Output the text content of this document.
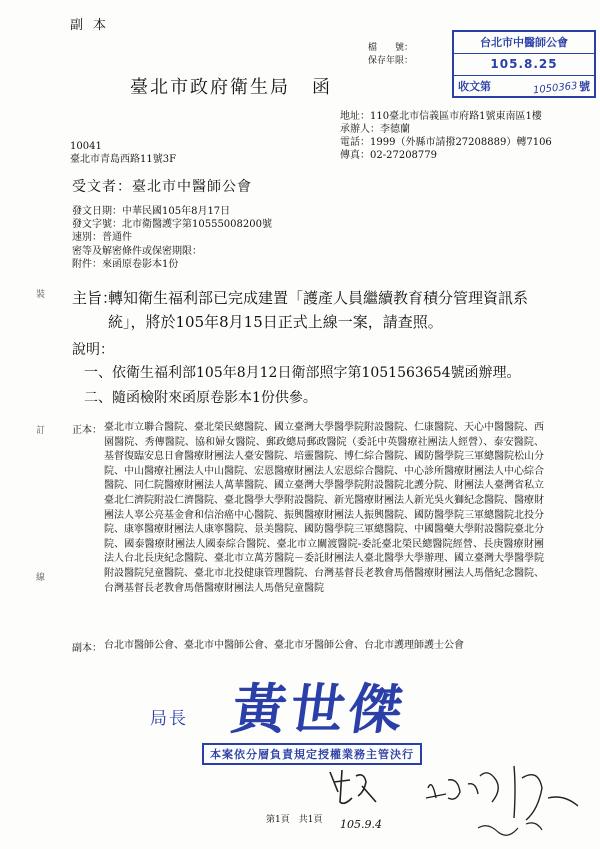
副本
檔　　號：
保存年限：
台北市中醫師公會
105.8.25
收文第	號
1050363
臺北市政府衛生局 函
地址：110臺北市信義區市府路1號東南區1樓
承辦人：李德蘭
電話：1999（外縣市請撥27208889）轉7106
傳真：02-27208779
10041
臺北市青島西路11號3F
受文者：臺北市中醫師公會
發文日期：中華民國105年8月17日
發文字號：北市衛醫護字第10555008200號
速別：普通件
密等及解密條件或保密期限：
附件：來函原卷影本1份
主旨：
轉知衛生福利部已完成建置「護產人員繼續教育積分管理資訊系統」，將於105年8月15日正式上線一案，請查照。
說明：
一、依衛生福利部105年8月12日衛部照字第1051563654號函辦理。
二、隨函檢附來函原卷影本1份供參。
正本： 臺北市立聯合醫院、臺北榮民總醫院、國立臺灣大學醫學院附設醫院、仁康醫院、天心中醫醫院、西園醫院、秀傳醫院、協和婦女醫院、郵政總局郵政醫院（委託中英醫療社團法人經營）、泰安醫院、基督復臨安息日會醫療財團法人臺安醫院、培靈醫院、博仁綜合醫院、國防醫學院三軍總醫院松山分院、中山醫療社團法人中山醫院、宏恩醫療財團法人宏恩綜合醫院、中心診所醫療財團法人中心綜合醫院、同仁院醫療財團法人萬華醫院、國立臺灣大學醫學院附設醫院北護分院、財團法人臺灣省私立臺北仁濟院附設仁濟醫院、臺北醫學大學附設醫院、新光醫療財團法人新光吳火獅紀念醫院、醫療財團法人辜公亮基金會和信治癌中心醫院、振興醫療財團法人振興醫院、國防醫學院三軍總醫院北投分院、康寧醫療財團法人康寧醫院、景美醫院、國防醫學院三軍總醫院、中國醫藥大學附設醫院臺北分院、國泰醫療財團法人國泰綜合醫院、臺北市立關渡醫院-委託臺北榮民總醫院經營、長庚醫療財團法人台北長庚紀念醫院、臺北市立萬芳醫院－委託財團法人臺北醫學大學辦理、國立臺灣大學醫學院附設醫院兒童醫院、臺北市北投健康管理醫院、台灣基督長老教會馬偕醫療財團法人馬偕紀念醫院、台灣基督長老教會馬偕醫療財團法人馬偕兒童醫院
副本： 台北市醫師公會、臺北市中醫師公會、臺北市牙醫師公會、台北市護理師護士公會
裝
訂
線
局長 黃世傑
本案依分層負責規定授權業務主管決行
105.9.4
第1頁　共1頁
